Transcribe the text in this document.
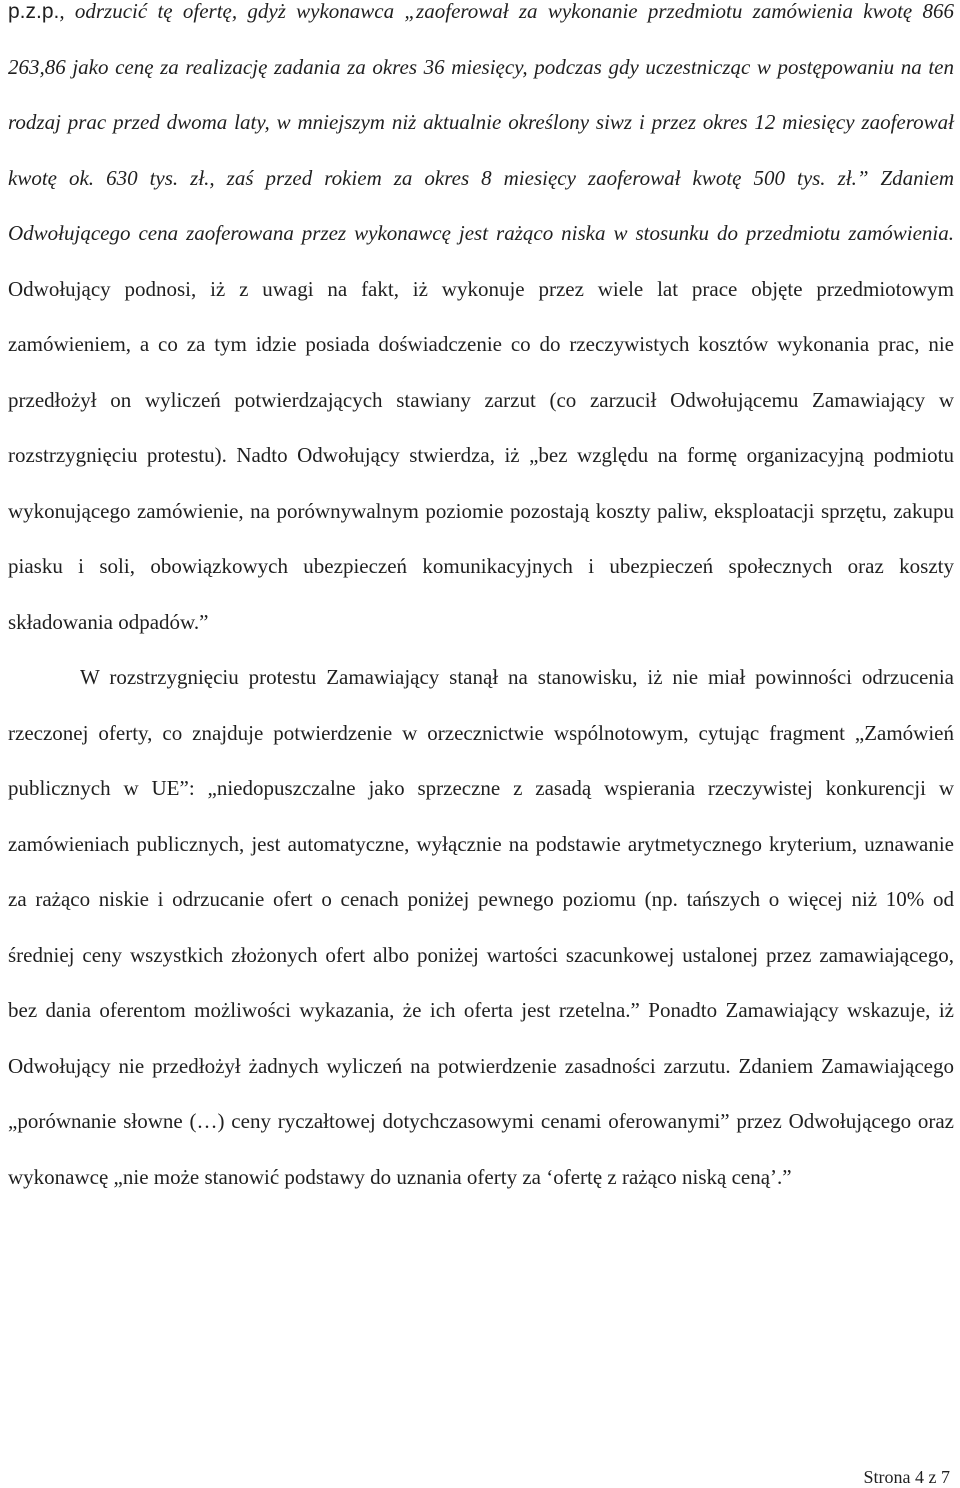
p.z.p., odrzucić tę ofertę, gdyż wykonawca „zaoferował za wykonanie przedmiotu zamówienia kwotę 866 263,86 jako cenę za realizację zadania za okres 36 miesięcy, podczas gdy uczestnicząc w postępowaniu na ten rodzaj prac przed dwoma laty, w mniejszym niż aktualnie określony siwz i przez okres 12 miesięcy zaoferował kwotę ok. 630 tys. zł., zaś przed rokiem za okres 8 miesięcy zaoferował kwotę 500 tys. zł.” Zdaniem Odwołującego cena zaoferowana przez wykonawcę jest rażąco niska w stosunku do przedmiotu zamówienia. Odwołujący podnosi, iż z uwagi na fakt, iż wykonuje przez wiele lat prace objęte przedmiotowym zamówieniem, a co za tym idzie posiada doświadczenie co do rzeczywistych kosztów wykonania prac, nie przedłożył on wyliczeń potwierdzających stawiany zarzut (co zarzucił Odwołującemu Zamawiający w rozstrzygnięciu protestu). Nadto Odwołujący stwierdza, iż „bez względu na formę organizacyjną podmiotu wykonującego zamówienie, na porównywalnym poziomie pozostają koszty paliw, eksploatacji sprzętu, zakupu piasku i soli, obowiązkowych ubezpieczeń komunikacyjnych i ubezpieczeń społecznych oraz koszty składowania odpadów.”

W rozstrzygnięciu protestu Zamawiający stanął na stanowisku, iż nie miał powinności odrzucenia rzeczonej oferty, co znajduje potwierdzenie w orzecznictwie wspólnotowym, cytując fragment „Zamówień publicznych w UE”: „niedopuszczalne jako sprzeczne z zasadą wspierania rzeczywistej konkurencji w zamówieniach publicznych, jest automatyczne, wyłącznie na podstawie arytmetycznego kryterium, uznawanie za rażąco niskie i odrzucanie ofert o cenach poniżej pewnego poziomu (np. tańszych o więcej niż 10% od średniej ceny wszystkich złożonych ofert albo poniżej wartości szacunkowej ustalonej przez zamawiającego, bez dania oferentom możliwości wykazania, że ich oferta jest rzetelna.” Ponadto Zamawiający wskazuje, iż Odwołujący nie przedłożył żadnych wyliczeń na potwierdzenie zasadności zarzutu. Zdaniem Zamawiającego „porównanie słowne (…) ceny ryczałtowej dotychczasowymi cenami oferowanymi” przez Odwołującego oraz wykonawcę „nie może stanowić podstawy do uznania oferty za ‘ofertę z rażąco niską ceną’.”

Strona 4 z 7
